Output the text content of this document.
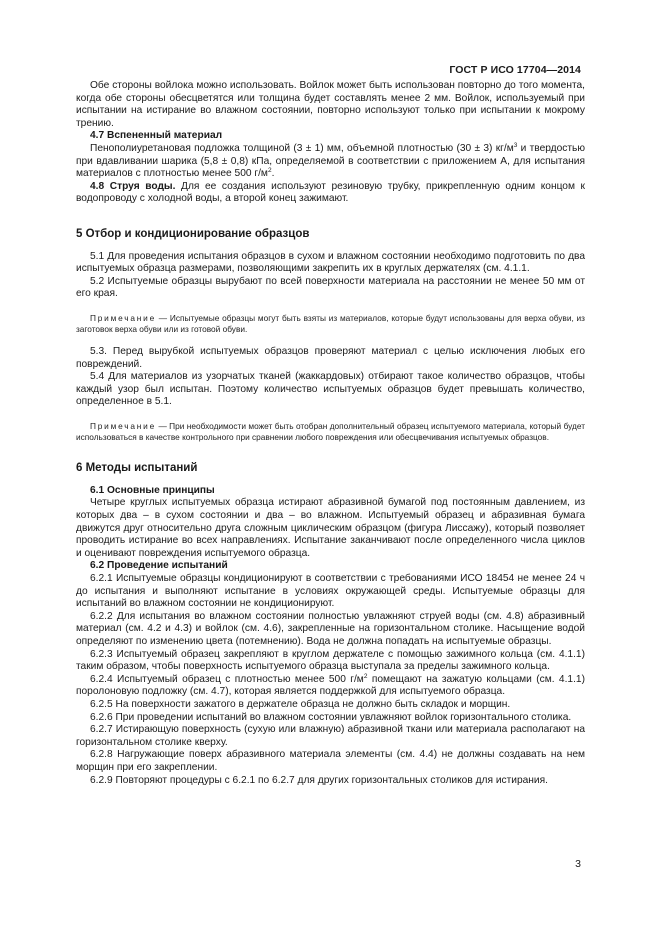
ГОСТ Р ИСО 17704—2014

Обе стороны войлока можно использовать. Войлок может быть использован повторно до того момента, когда обе стороны обесцветятся или толщина будет составлять менее 2 мм. Войлок, используемый при испытании на истирание во влажном состоянии, повторно используют только при испытании к мокрому трению.

4.7 Вспененный материал

Пенополиуретановая подложка толщиной (3 ± 1) мм, объемной плотностью (30 ± 3) $кг/м^3$ и твердостью при вдавливании шарика (5,8 ± 0,8) кПа, определяемой в соответствии с приложением А, для испытания материалов с плотностью менее 500 $г/м^2$.

4.8 Струя воды. Для ее создания используют резиновую трубку, прикрепленную одним концом к водопроводу с холодной воды, а второй конец зажимают.

5 Отбор и кондиционирование образцов

5.1 Для проведения испытания образцов в сухом и влажном состоянии необходимо подготовить по два испытуемых образца размерами, позволяющими закрепить их в круглых держателях (см. 4.1.1.

5.2 Испытуемые образцы вырубают по всей поверхности материала на расстоянии не менее 50 мм от его края.

Примечание — Испытуемые образцы могут быть взяты из материалов, которые будут использованы для верха обуви, из заготовок верха обуви или из готовой обуви.

5.3. Перед вырубкой испытуемых образцов проверяют материал с целью исключения любых его повреждений.

5.4 Для материалов из узорчатых тканей (жаккардовых) отбирают такое количество образцов, чтобы каждый узор был испытан. Поэтому количество испытуемых образцов будет превышать количество, определенное в 5.1.

Примечание — При необходимости может быть отобран дополнительный образец испытуемого материала, который будет использоваться в качестве контрольного при сравнении любого повреждения или обесцвечивания испытуемых образцов.

6 Методы испытаний

6.1 Основные принципы

Четыре круглых испытуемых образца истирают абразивной бумагой под постоянным давлением, из которых два – в сухом состоянии и два – во влажном. Испытуемый образец и абразивная бумага движутся друг относительно друга сложным циклическим образцом (фигура Лиссажу), который позволяет проводить истирание во всех направлениях. Испытание заканчивают после определенного числа циклов и оценивают повреждения испытуемого образца.

6.2 Проведение испытаний

6.2.1 Испытуемые образцы кондиционируют в соответствии с требованиями ИСО 18454 не менее 24 ч до испытания и выполняют испытание в условиях окружающей среды. Испытуемые образцы для испытаний во влажном состоянии не кондиционируют.

6.2.2 Для испытания во влажном состоянии полностью увлажняют струей воды (см. 4.8) абразивный материал (см. 4.2 и 4.3) и войлок (см. 4.6), закрепленные на горизонтальном столике. Насыщение водой определяют по изменению цвета (потемнению). Вода не должна попадать на испытуемые образцы.

6.2.3 Испытуемый образец закрепляют в круглом держателе с помощью зажимного кольца (см. 4.1.1) таким образом, чтобы поверхность испытуемого образца выступала за пределы зажимного кольца.

6.2.4 Испытуемый образец с плотностью менее 500 $г/м^2$ помещают на зажатую кольцами (см. 4.1.1) поролоновую подложку (см. 4.7), которая является поддержкой для испытуемого образца.

6.2.5 На поверхности зажатого в держателе образца не должно быть складок и морщин.

6.2.6 При проведении испытаний во влажном состоянии увлажняют войлок горизонтального столика.

6.2.7 Истирающую поверхность (сухую или влажную) абразивной ткани или материала располагают на горизонтальном столике кверху.

6.2.8 Нагружающие поверх абразивного материала элементы (см. 4.4) не должны создавать на нем морщин при его закреплении.

6.2.9 Повторяют процедуры с 6.2.1 по 6.2.7 для других горизонтальных столиков для истирания.

3
